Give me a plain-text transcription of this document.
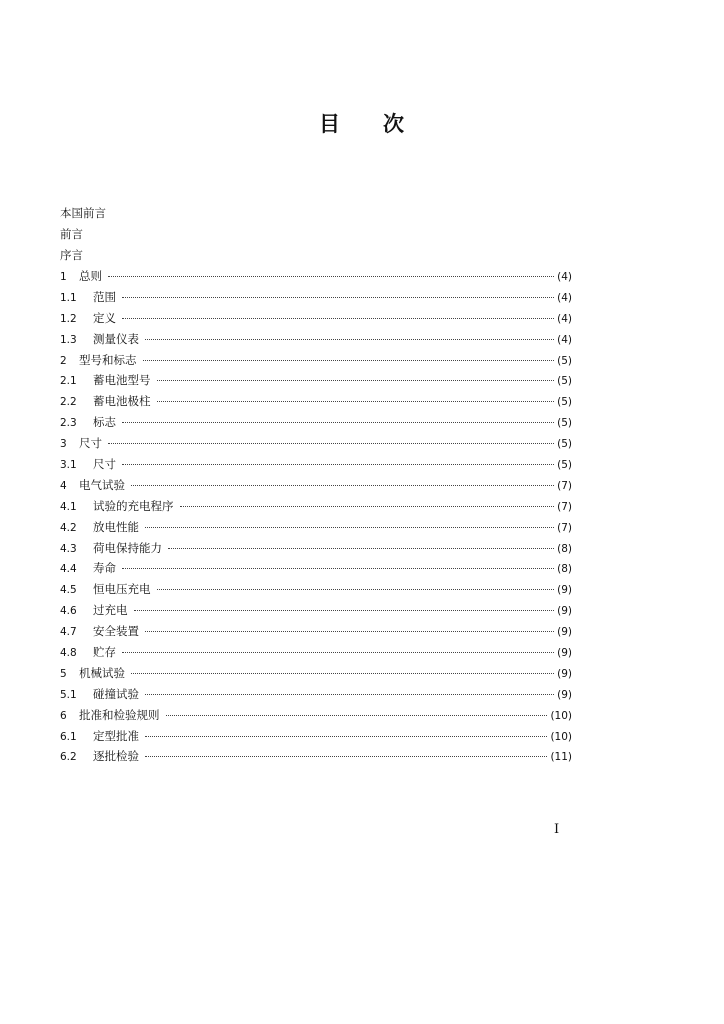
目 次
本国前言
前言
序言
1	总则	(4)
1.1	范围	(4)
1.2	定义	(4)
1.3	测量仪表	(4)
2	型号和标志	(5)
2.1	蓄电池型号	(5)
2.2	蓄电池极柱	(5)
2.3	标志	(5)
3	尺寸	(5)
3.1	尺寸	(5)
4	电气试验	(7)
4.1	试验的充电程序	(7)
4.2	放电性能	(7)
4.3	荷电保持能力	(8)
4.4	寿命	(8)
4.5	恒电压充电	(9)
4.6	过充电	(9)
4.7	安全装置	(9)
4.8	贮存	(9)
5	机械试验	(9)
5.1	碰撞试验	(9)
6	批准和检验规则	(10)
6.1	定型批准	(10)
6.2	逐批检验	(11)
I
